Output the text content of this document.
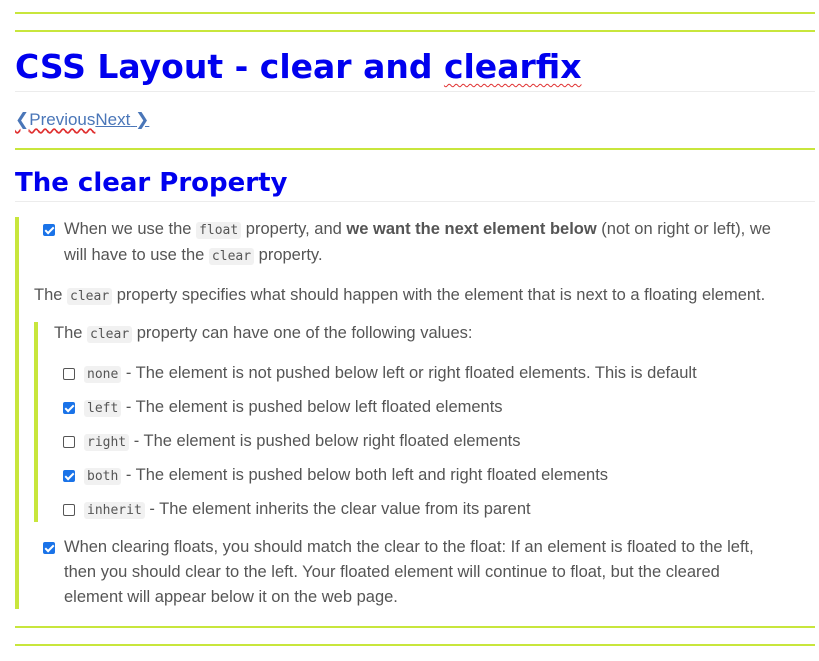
CSS Layout - clear and clearfix
❮PreviousNext ❯
The clear Property
When we use the float property, and we want the next element below (not on right or left), we
will have to use the clear property.
The clear property specifies what should happen with the element that is next to a floating element.
The clear property can have one of the following values:
none - The element is not pushed below left or right floated elements. This is default
left - The element is pushed below left floated elements
right - The element is pushed below right floated elements
both - The element is pushed below both left and right floated elements
inherit - The element inherits the clear value from its parent
When clearing floats, you should match the clear to the float: If an element is floated to the left,
then you should clear to the left. Your floated element will continue to float, but the cleared
element will appear below it on the web page.
